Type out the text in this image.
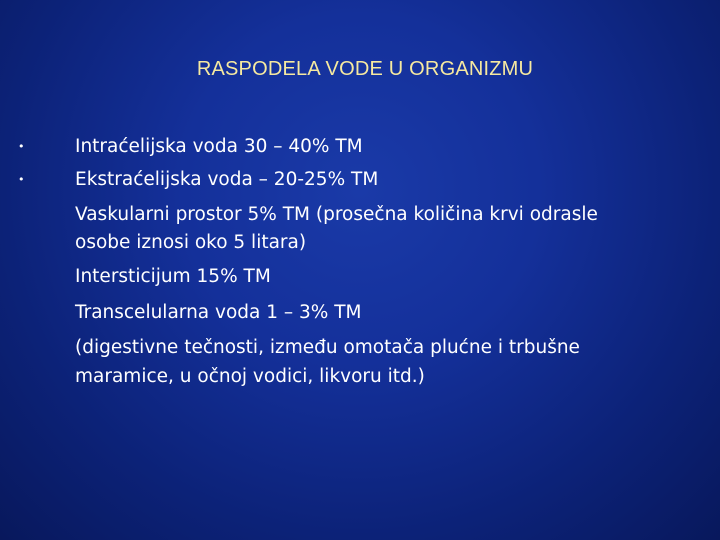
RASPODELA VODE U ORGANIZMU
•	Intraćelijska voda 30 – 40% TM
•	Ekstraćelijska voda – 20-25% TM
Vaskularni prostor 5% TM (prosečna količina krvi odrasle
osobe iznosi oko 5 litara)
Intersticijum 15% TM
Transcelularna voda 1 – 3% TM
(digestivne tečnosti, između omotača plućne i trbušne
maramice, u očnoj vodici, likvoru itd.)
